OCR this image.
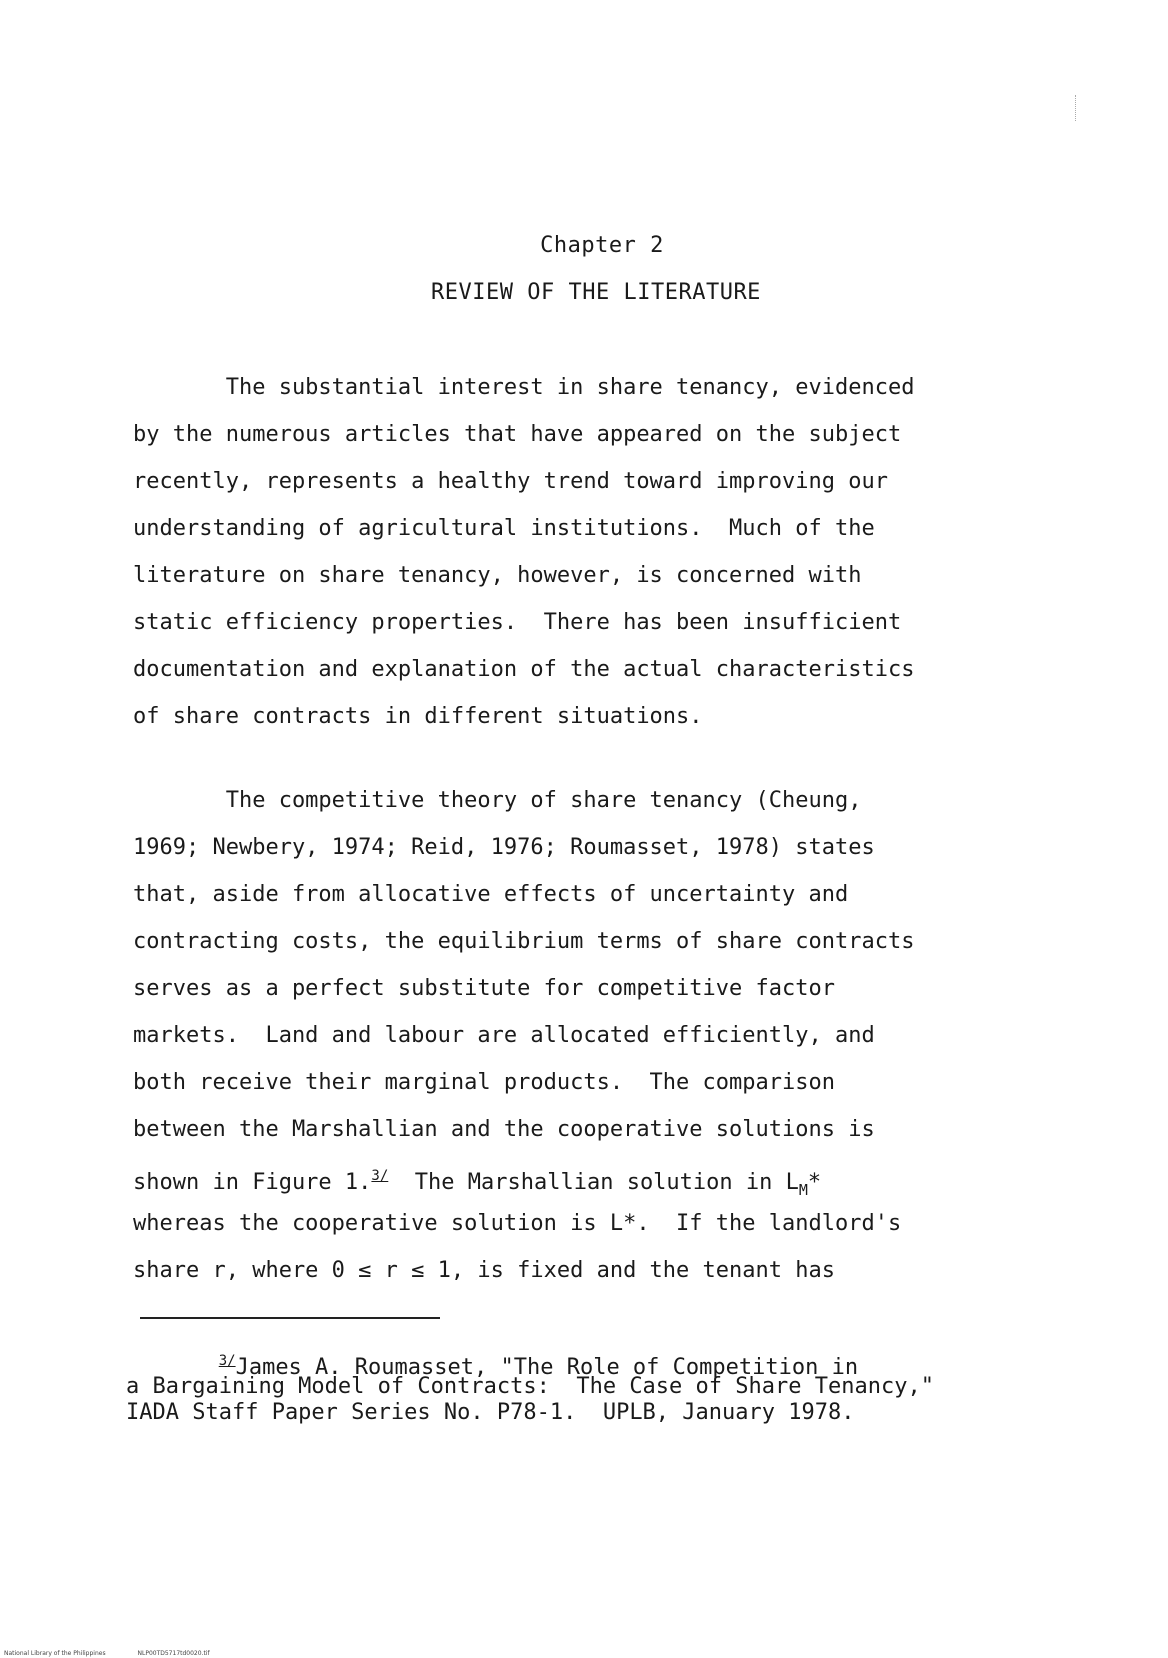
Chapter 2
REVIEW OF THE LITERATURE
The substantial interest in share tenancy, evidenced
by the numerous articles that have appeared on the subject
recently, represents a healthy trend toward improving our
understanding of agricultural institutions.  Much of the
literature on share tenancy, however, is concerned with
static efficiency properties.  There has been insufficient
documentation and explanation of the actual characteristics
of share contracts in different situations.
The competitive theory of share tenancy (Cheung,
1969; Newbery, 1974; Reid, 1976; Roumasset, 1978) states
that, aside from allocative effects of uncertainty and
contracting costs, the equilibrium terms of share contracts
serves as a perfect substitute for competitive factor
markets.  Land and labour are allocated efficiently, and
both receive their marginal products.  The comparison
between the Marshallian and the cooperative solutions is
shown in Figure 1.$^{3/}$  The Marshallian solution in $L_M*$
whereas the cooperative solution is L*.  If the landlord's
share r, where 0 ≤ r ≤ 1, is fixed and the tenant has
$^{3/}$James A. Roumasset, "The Role of Competition in
a Bargaining Model of Contracts:  The Case of Share Tenancy,"
IADA Staff Paper Series No. P78-1.  UPLB, January 1978.
National Library of the Philippines	NLP00TD5717td0020.tif
